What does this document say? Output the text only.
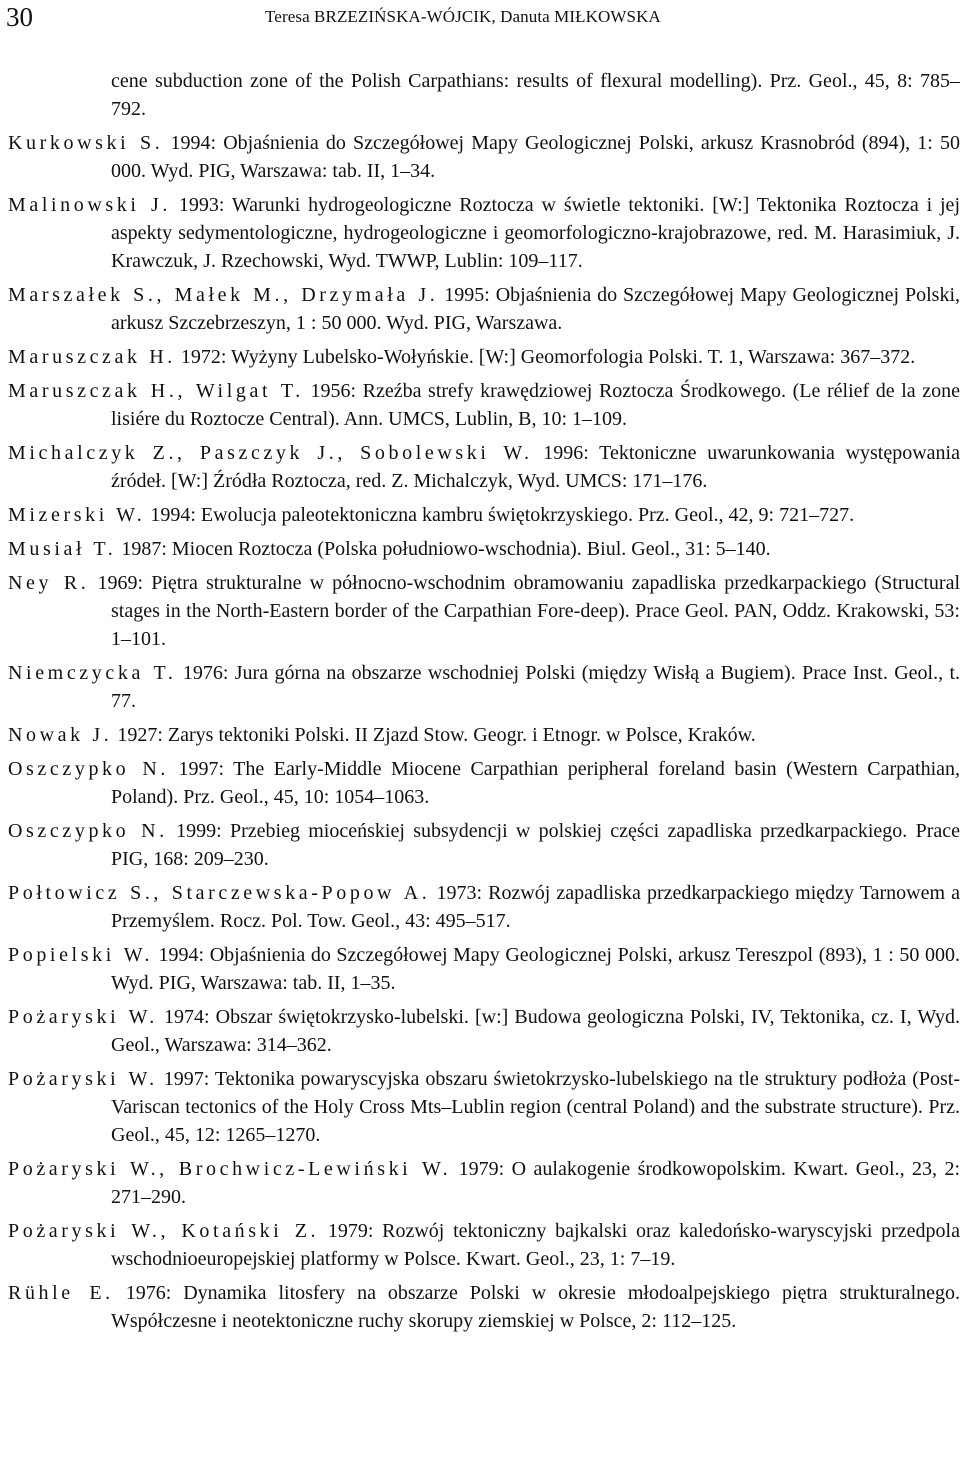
30	Teresa BRZEZIŃSKA-WÓJCIK, Danuta MIŁKOWSKA

cene subduction zone of the Polish Carpathians: results of flexural modelling). Prz. Geol., 45, 8: 785–792.

Kurkowski S. 1994: Objaśnienia do Szczegółowej Mapy Geologicznej Polski, arkusz Krasnobród (894), 1: 50 000. Wyd. PIG, Warszawa: tab. II, 1–34.

Malinowski J. 1993: Warunki hydrogeologiczne Roztocza w świetle tektoniki. [W:] Tektonika Roztocza i jej aspekty sedymentologiczne, hydrogeologiczne i geomorfologiczno-krajobrazowe, red. M. Harasimiuk, J. Krawczuk, J. Rzechowski, Wyd. TWWP, Lublin: 109–117.

Marszałek S., Małek M., Drzymała J. 1995: Objaśnienia do Szczegółowej Mapy Geologicznej Polski, arkusz Szczebrzeszyn, 1 : 50 000. Wyd. PIG, Warszawa.

Maruszczak H. 1972: Wyżyny Lubelsko-Wołyńskie. [W:] Geomorfologia Polski. T. 1, Warszawa: 367–372.

Maruszczak H., Wilgat T. 1956: Rzeźba strefy krawędziowej Roztocza Środkowego. (Le rélief de la zone lisiére du Roztocze Central). Ann. UMCS, Lublin, B, 10: 1–109.

Michalczyk Z., Paszczyk J., Sobolewski W. 1996: Tektoniczne uwarunkowania występowania źródeł. [W:] Źródła Roztocza, red. Z. Michalczyk, Wyd. UMCS: 171–176.

Mizerski W. 1994: Ewolucja paleotektoniczna kambru świętokrzyskiego. Prz. Geol., 42, 9: 721–727.

Musiał T. 1987: Miocen Roztocza (Polska południowo-wschodnia). Biul. Geol., 31: 5–140.

Ney R. 1969: Piętra strukturalne w północno-wschodnim obramowaniu zapadliska przedkarpackiego (Structural stages in the North-Eastern border of the Carpathian Fore-deep). Prace Geol. PAN, Oddz. Krakowski, 53: 1–101.

Niemczycka T. 1976: Jura górna na obszarze wschodniej Polski (między Wisłą a Bugiem). Prace Inst. Geol., t. 77.

Nowak J. 1927: Zarys tektoniki Polski. II Zjazd Stow. Geogr. i Etnogr. w Polsce, Kraków.

Oszczypko N. 1997: The Early-Middle Miocene Carpathian peripheral foreland basin (Western Carpathian, Poland). Prz. Geol., 45, 10: 1054–1063.

Oszczypko N. 1999: Przebieg mioceńskiej subsydencji w polskiej części zapadliska przedkarpackiego. Prace PIG, 168: 209–230.

Połtowicz S., Starczewska-Popow A. 1973: Rozwój zapadliska przedkarpackiego między Tarnowem a Przemyślem. Rocz. Pol. Tow. Geol., 43: 495–517.

Popielski W. 1994: Objaśnienia do Szczegółowej Mapy Geologicznej Polski, arkusz Tereszpol (893), 1 : 50 000. Wyd. PIG, Warszawa: tab. II, 1–35.

Pożaryski W. 1974: Obszar świętokrzysko-lubelski. [w:] Budowa geologiczna Polski, IV, Tektonika, cz. I, Wyd. Geol., Warszawa: 314–362.

Pożaryski W. 1997: Tektonika powaryscyjska obszaru świetokrzysko-lubelskiego na tle struktury podłoża (Post-Variscan tectonics of the Holy Cross Mts–Lublin region (central Poland) and the substrate structure). Prz. Geol., 45, 12: 1265–1270.

Pożaryski W., Brochwicz-Lewiński W. 1979: O aulakogenie środkowopolskim. Kwart. Geol., 23, 2: 271–290.

Pożaryski W., Kotański Z. 1979: Rozwój tektoniczny bajkalski oraz kaledońsko-waryscyjski przedpola wschodnioeuropejskiej platformy w Polsce. Kwart. Geol., 23, 1: 7–19.

Rühle E. 1976: Dynamika litosfery na obszarze Polski w okresie młodoalpejskiego piętra strukturalnego. Współczesne i neotektoniczne ruchy skorupy ziemskiej w Polsce, 2: 112–125.
